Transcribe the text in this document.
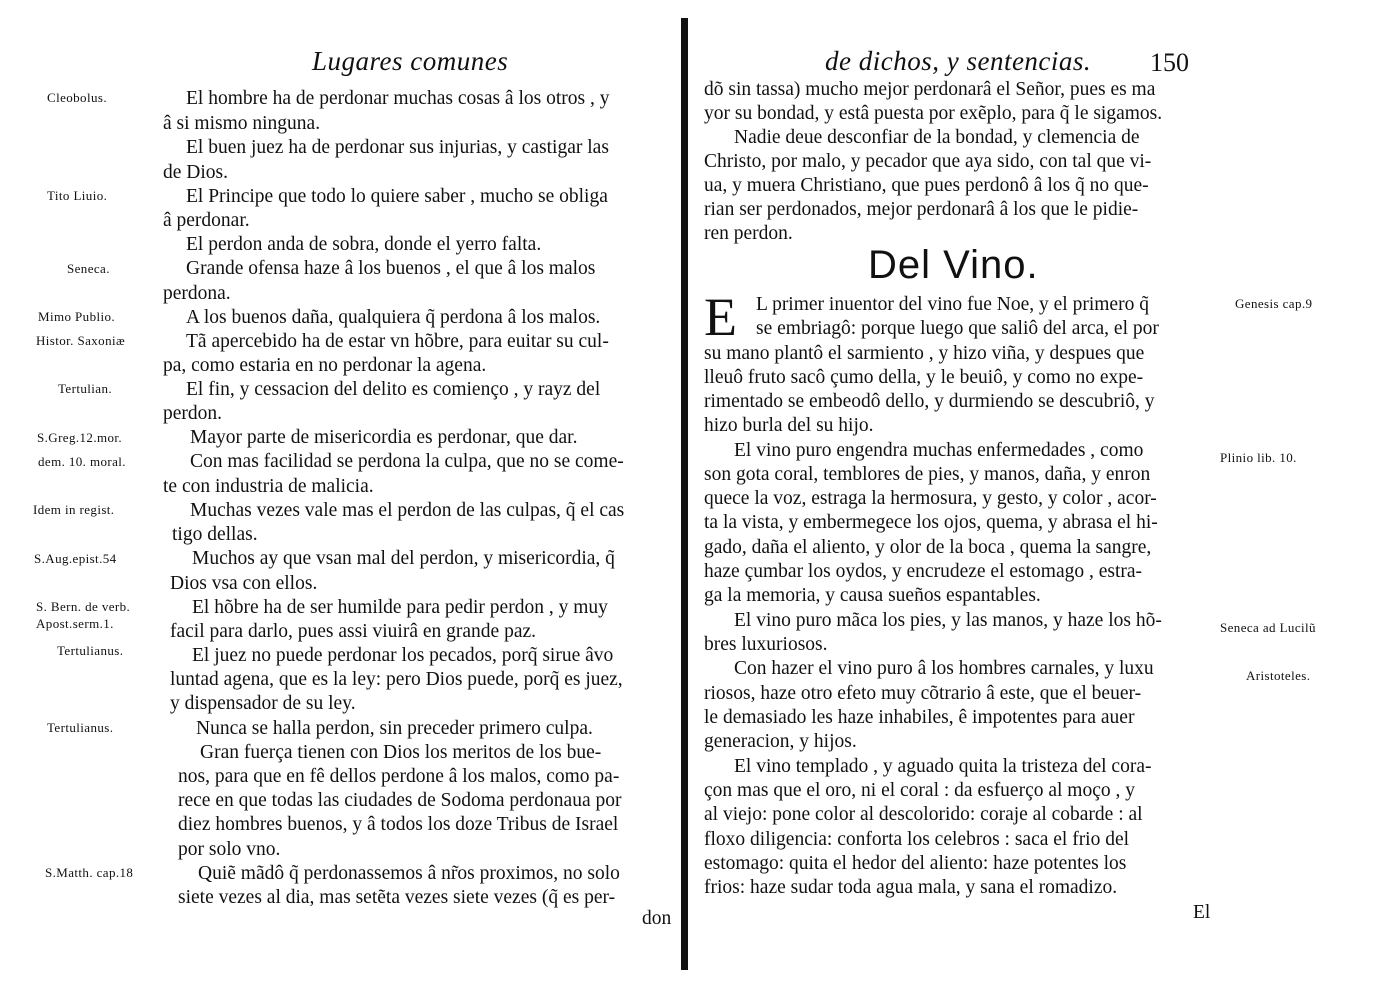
Lugares comunes
El hombre ha de perdonar muchas cosas â los otros , y
â si mismo ninguna.
El buen juez ha de perdonar sus injurias, y castigar las
de Dios.
El Principe que todo lo quiere saber , mucho se obliga
â perdonar.
El perdon anda de sobra, donde el yerro falta.
Grande ofensa haze â los buenos , el que â los malos
perdona.
A los buenos daña, qualquiera q̃ perdona â los malos.
Tã apercebido ha de estar vn hõbre, para euitar su cul-
pa, como estaria en no perdonar la agena.
El fin, y cessacion del delito es comienço , y rayz del
perdon.
Mayor parte de misericordia es perdonar, que dar.
Con mas facilidad se perdona la culpa, que no se come-
te con industria de malicia.
Muchas vezes vale mas el perdon de las culpas, q̃ el cas
tigo dellas.
Muchos ay que vsan mal del perdon, y misericordia, q̃
Dios vsa con ellos.
El hõbre ha de ser humilde para pedir perdon , y muy
facil para darlo, pues assi viuirâ en grande paz.
El juez no puede perdonar los pecados, porq̃ sirue âvo
luntad agena, que es la ley: pero Dios puede, porq̃ es juez,
y dispensador de su ley.
Nunca se halla perdon, sin preceder primero culpa.
Gran fuerça tienen con Dios los meritos de los bue-
nos, para que en fê dellos perdone â los malos, como pa-
rece en que todas las ciudades de Sodoma perdonaua por
diez hombres buenos, y â todos los doze Tribus de Israel
por solo vno.
Quiẽ mãdô q̃ perdonassemos â nr̃os proximos, no solo
siete vezes al dia, mas setẽta vezes siete vezes (q̃ es per-
don
Cleobolus.
Tito Liuio.
Seneca.
Mimo Publio.
Histor. Saxoniæ
Tertulian.
S.Greg.12.mor.
dem. 10. moral.
Idem in regist.
S.Aug.epist.54
S. Bern. de verb.
Apost.serm.1.
Tertulianus.
Tertulianus.
S.Matth. cap.18
de dichos, y sentencias. 150
dõ sin tassa) mucho mejor perdonarâ el Señor, pues es ma
yor su bondad, y estâ puesta por exẽplo, para q̃ le sigamos.
Nadie deue desconfiar de la bondad, y clemencia de
Christo, por malo, y pecador que aya sido, con tal que vi-
ua, y muera Christiano, que pues perdonô â los q̃ no que-
rian ser perdonados, mejor perdonarâ â los que le pidie-
ren perdon.
Del Vino.
E L primer inuentor del vino fue Noe, y el primero q̃
se embriagô: porque luego que saliô del arca, el por
su mano plantô el sarmiento , y hizo viña, y despues que
lleuô fruto sacô çumo della, y le beuiô, y como no expe-
rimentado se embeodô dello, y durmiendo se descubriô, y
hizo burla del su hijo.
El vino puro engendra muchas enfermedades , como
son gota coral, temblores de pies, y manos, daña, y enron
quece la voz, estraga la hermosura, y gesto, y color , acor-
ta la vista, y embermegece los ojos, quema, y abrasa el hi-
gado, daña el aliento, y olor de la boca , quema la sangre,
haze çumbar los oydos, y encrudeze el estomago , estra-
ga la memoria, y causa sueños espantables.
El vino puro mãca los pies, y las manos, y haze los hõ-
bres luxuriosos.
Con hazer el vino puro â los hombres carnales, y luxu
riosos, haze otro efeto muy cõtrario â este, que el beuer-
le demasiado les haze inhabiles, ê impotentes para auer
generacion, y hijos.
El vino templado , y aguado quita la tristeza del cora-
çon mas que el oro, ni el coral : da esfuerço al moço , y
al viejo: pone color al descolorido: coraje al cobarde : al
floxo diligencia: conforta los celebros : saca el frio del
estomago: quita el hedor del aliento: haze potentes los
frios: haze sudar toda agua mala, y sana el romadizo.
El
Genesis cap.9
Plinio lib. 10.
Seneca ad Lucilũ
Aristoteles.
